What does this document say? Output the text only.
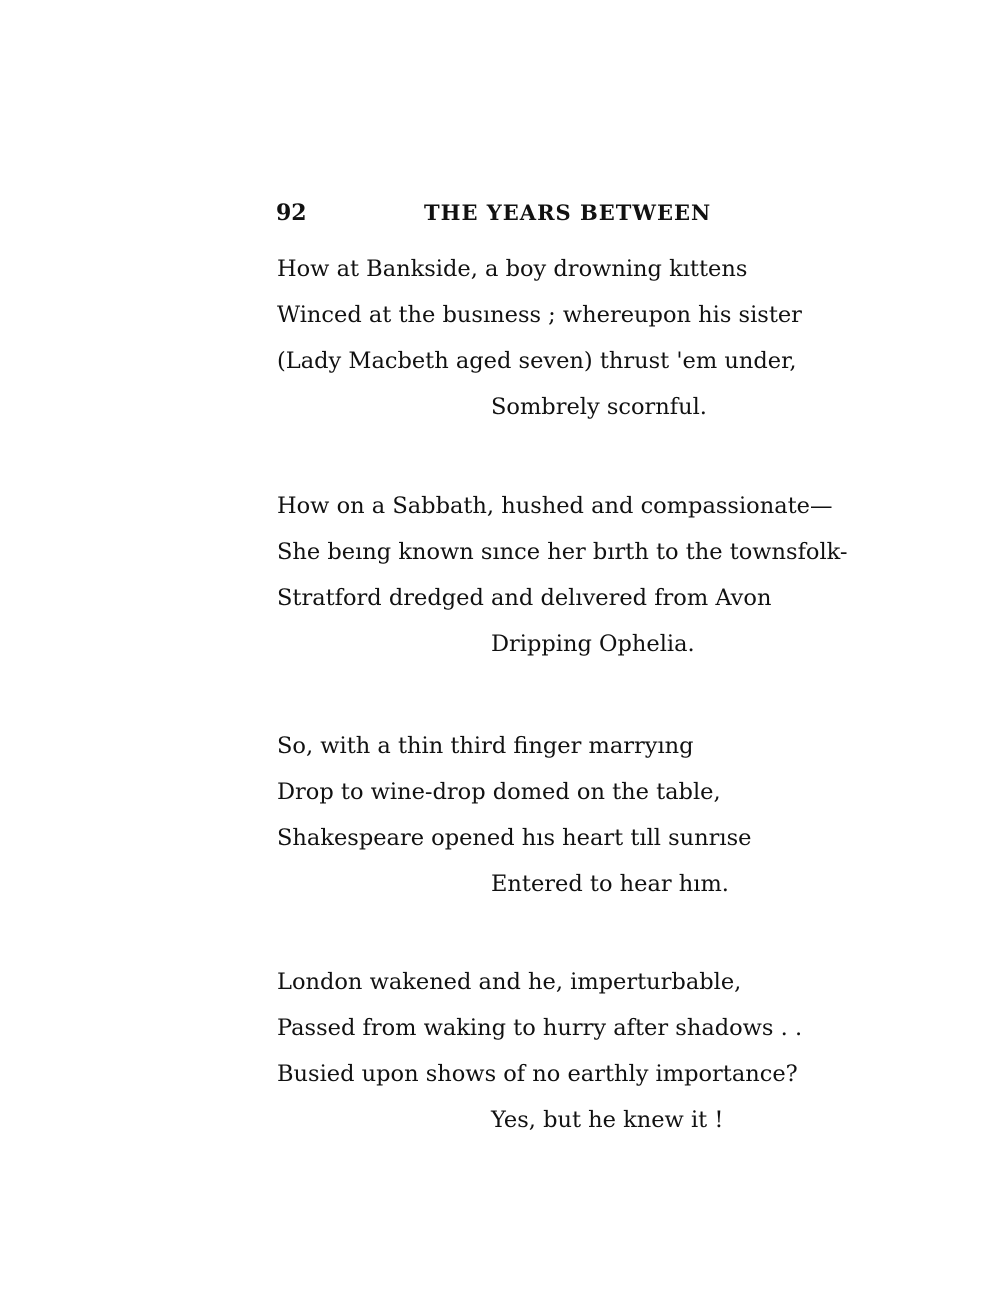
92	THE YEARS BETWEEN
How at Bankside, a boy drowning kıttens
Winced at the busıness ; whereupon his sister
(Lady Macbeth aged seven) thrust 'em under,
Sombrely scornful.
How on a Sabbath, hushed and compassionate—
She beıng known sınce her bırth to the townsfolk-
Stratford dredged and delıvered from Avon
Dripping Ophelia.
So, with a thin third finger marryıng
Drop to wine-drop domed on the table,
Shakespeare opened hıs heart tıll sunrıse
Entered to hear hım.
London wakened and he, imperturbable,
Passed from waking to hurry after shadows . .
Busied upon shows of no earthly importance?
Yes, but he knew it !
